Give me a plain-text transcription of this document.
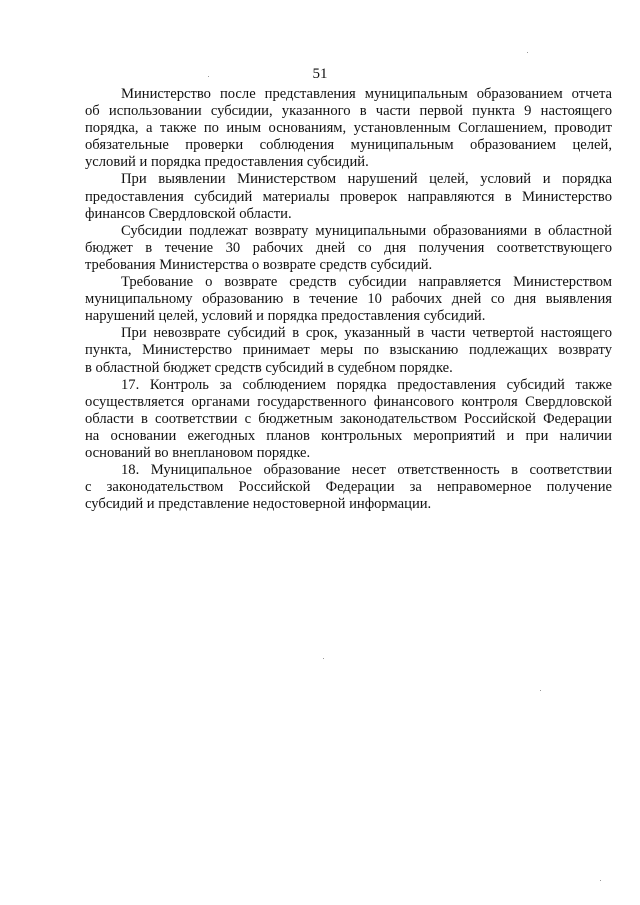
51
Министерство после представления муниципальным образованием отчета
об использовании субсидии, указанного в части первой пункта 9 настоящего
порядка, а также по иным основаниям, установленным Соглашением, проводит
обязательные проверки соблюдения муниципальным образованием целей,
условий и порядка предоставления субсидий.
При выявлении Министерством нарушений целей, условий и порядка
предоставления субсидий материалы проверок направляются в Министерство
финансов Свердловской области.
Субсидии подлежат возврату муниципальными образованиями в областной
бюджет в течение 30 рабочих дней со дня получения соответствующего
требования Министерства о возврате средств субсидий.
Требование о возврате средств субсидии направляется Министерством
муниципальному образованию в течение 10 рабочих дней со дня выявления
нарушений целей, условий и порядка предоставления субсидий.
При невозврате субсидий в срок, указанный в части четвертой настоящего
пункта, Министерство принимает меры по взысканию подлежащих возврату
в областной бюджет средств субсидий в судебном порядке.
17. Контроль за соблюдением порядка предоставления субсидий также
осуществляется органами государственного финансового контроля Свердловской
области в соответствии с бюджетным законодательством Российской Федерации
на основании ежегодных планов контрольных мероприятий и при наличии
оснований во внеплановом порядке.
18. Муниципальное образование несет ответственность в соответствии
с законодательством Российской Федерации за неправомерное получение
субсидий и представление недостоверной информации.
